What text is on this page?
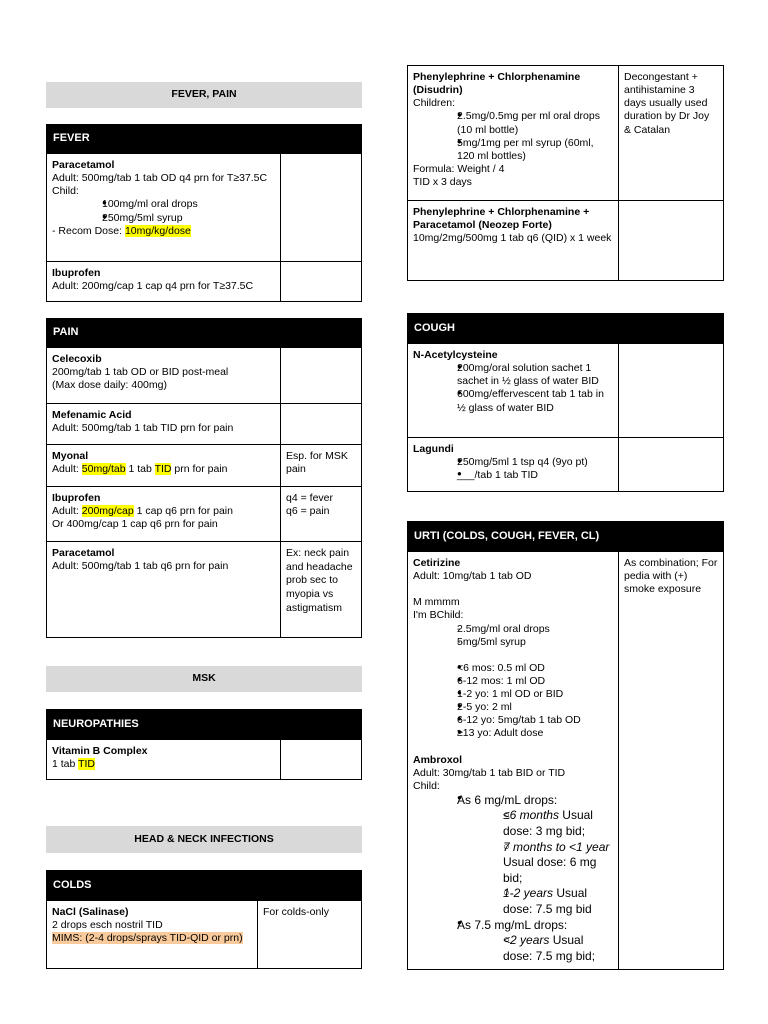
FEVER, PAIN
FEVER
Paracetamol
Adult: 500mg/tab 1 tab OD q4 prn for T≥37.5C
Child:
● 100mg/ml oral drops
● 250mg/5ml syrup
- Recom Dose: 10mg/kg/dose
Ibuprofen
Adult: 200mg/cap 1 cap q4 prn for T≥37.5C
PAIN
Celecoxib
200mg/tab 1 tab OD or BID post-meal
(Max dose daily: 400mg)
Mefenamic Acid
Adult: 500mg/tab 1 tab TID prn for pain
Myonal
Adult: 50mg/tab 1 tab TID prn for pain
Esp. for MSK pain
Ibuprofen
Adult: 200mg/cap 1 cap q6 prn for pain
Or 400mg/cap 1 cap q6 prn for pain
q4 = fever
q6 = pain
Paracetamol
Adult: 500mg/tab 1 tab q6 prn for pain
Ex: neck pain and headache prob sec to myopia vs astigmatism
MSK
NEUROPATHIES
Vitamin B Complex
1 tab TID
HEAD & NECK INFECTIONS
COLDS
NaCl (Salinase)
2 drops esch nostril TID
MIMS: (2-4 drops/sprays TID-QID or prn)
For colds-only
Phenylephrine + Chlorphenamine (Disudrin)
Children:
● 2.5mg/0.5mg per ml oral drops (10 ml bottle)
● 5mg/1mg per ml syrup (60ml, 120 ml bottles)
Formula: Weight / 4
TID x 3 days
Decongestant + antihistamine 3 days usually used duration by Dr Joy & Catalan
Phenylephrine + Chlorphenamine + Paracetamol (Neozep Forte)
10mg/2mg/500mg 1 tab q6 (QID) x 1 week
COUGH
N-Acetylcysteine
● 200mg/oral solution sachet 1 sachet in ½ glass of water BID
● 600mg/effervescent tab 1 tab in ½ glass of water BID
Lagundi
● 250mg/5ml 1 tsp q4 (9yo pt)
● ___/tab 1 tab TID
URTI (COLDS, COUGH, FEVER, CL)
Cetirizine
Adult: 10mg/tab 1 tab OD
M mmmm
I'm BChild:
- 2.5mg/ml oral drops
- 5mg/5ml syrup
● <6 mos: 0.5 ml OD
● 6-12 mos: 1 ml OD
● 1-2 yo: 1 ml OD or BID
● 2-5 yo: 2 ml
● 6-12 yo: 5mg/tab 1 tab OD
● ≥13 yo: Adult dose
Ambroxol
Adult: 30mg/tab 1 tab BID or TID
Child:
● As 6 mg/mL drops:
○ ≤6 months Usual dose: 3 mg bid;
○ 7 months to <1 year Usual dose: 6 mg bid;
○ 1-2 years Usual dose: 7.5 mg bid
● As 7.5 mg/mL drops:
○ <2 years Usual dose: 7.5 mg bid;
As combination; For pedia with (+) smoke exposure
